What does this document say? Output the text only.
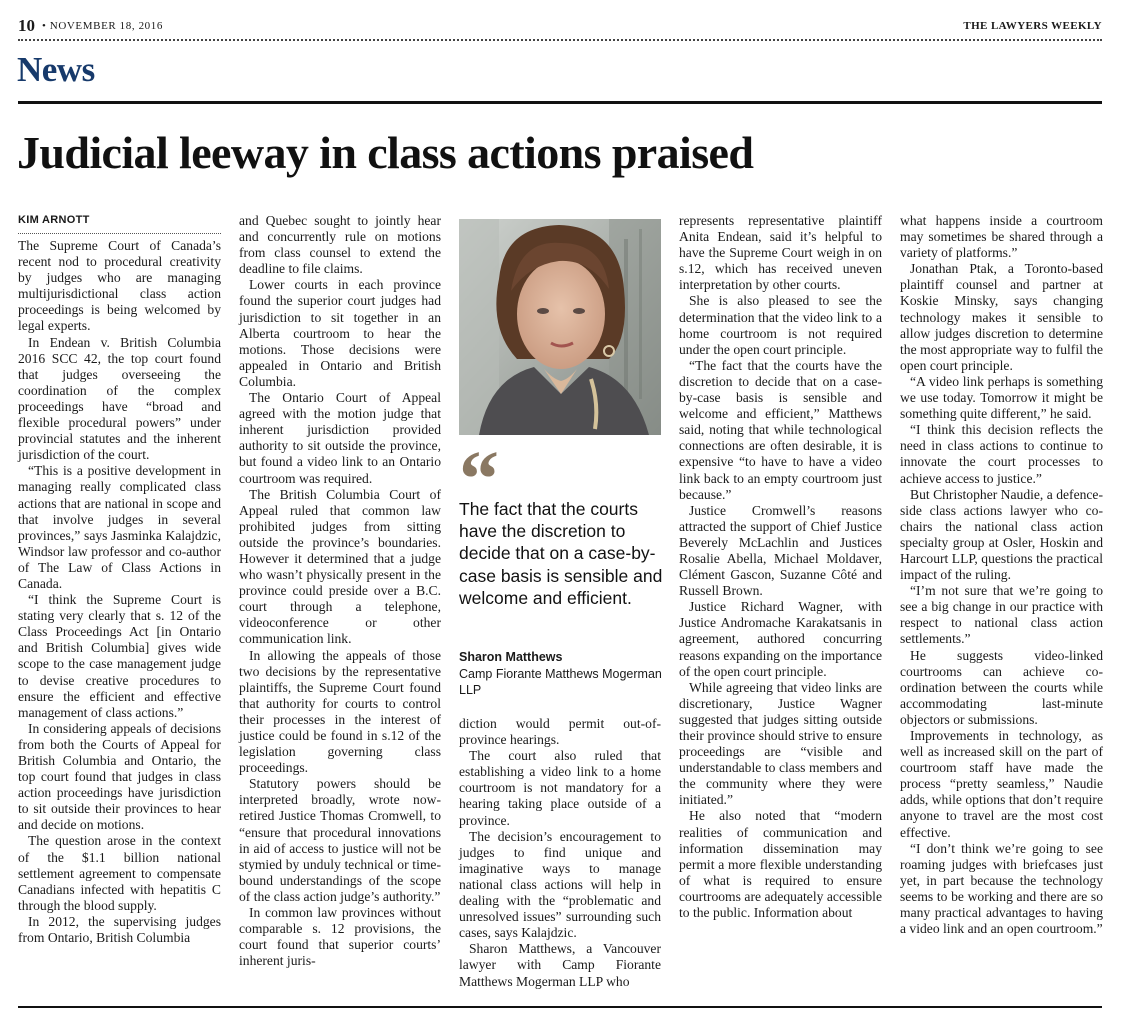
10 • NOVEMBER 18, 2016	THE LAWYERS WEEKLY
News
Judicial leeway in class actions praised
KIM ARNOTT

The Supreme Court of Canada’s recent nod to procedural creativity by judges who are managing multijurisdictional class action proceedings is being welcomed by legal experts.

In Endean v. British Columbia 2016 SCC 42, the top court found that judges overseeing the coordination of the complex proceedings have “broad and flexible procedural powers” under provincial statutes and the inherent jurisdiction of the court.

“This is a positive development in managing really complicated class actions that are national in scope and that involve judges in several provinces,” says Jasminka Kalajdzic, Windsor law professor and co-author of The Law of Class Actions in Canada.

“I think the Supreme Court is stating very clearly that s. 12 of the Class Proceedings Act [in Ontario and British Columbia] gives wide scope to the case management judge to devise creative procedures to ensure the efficient and effective management of class actions.”

In considering appeals of decisions from both the Courts of Appeal for British Columbia and Ontario, the top court found that judges in class action proceedings have jurisdiction to sit outside their provinces to hear and decide on motions.

The question arose in the context of the $1.1 billion national settlement agreement to compensate Canadians infected with hepatitis C through the blood supply.

In 2012, the supervising judges from Ontario, British Columbia

and Quebec sought to jointly hear and concurrently rule on motions from class counsel to extend the deadline to file claims.

Lower courts in each province found the superior court judges had jurisdiction to sit together in an Alberta courtroom to hear the motions. Those decisions were appealed in Ontario and British Columbia.

The Ontario Court of Appeal agreed with the motion judge that inherent jurisdiction provided authority to sit outside the province, but found a video link to an Ontario courtroom was required.

The British Columbia Court of Appeal ruled that common law prohibited judges from sitting outside the province’s boundaries. However it determined that a judge who wasn’t physically present in the province could preside over a B.C. court through a telephone, videoconference or other communication link.

In allowing the appeals of those two decisions by the representative plaintiffs, the Supreme Court found that authority for courts to control their processes in the interest of justice could be found in s.12 of the legislation governing class proceedings.

Statutory powers should be interpreted broadly, wrote now-retired Justice Thomas Cromwell, to “ensure that procedural innovations in aid of access to justice will not be stymied by unduly technical or time-bound understandings of the scope of the class action judge’s authority.”

In common law provinces without comparable s. 12 provisions, the court found that superior courts’ inherent juris-

“
The fact that the courts have the discretion to decide that on a case-by-case basis is sensible and welcome and efficient.
Sharon Matthews
Camp Fiorante Matthews Mogerman LLP

diction would permit out-of-province hearings.

The court also ruled that establishing a video link to a home courtroom is not mandatory for a hearing taking place outside of a province.

The decision’s encouragement to judges to find unique and imaginative ways to manage national class actions will help in dealing with the “problematic and unresolved issues” surrounding such cases, says Kalajdzic.

Sharon Matthews, a Vancouver lawyer with Camp Fiorante Matthews Mogerman LLP who

represents representative plaintiff Anita Endean, said it’s helpful to have the Supreme Court weigh in on s.12, which has received uneven interpretation by other courts.

She is also pleased to see the determination that the video link to a home courtroom is not required under the open court principle.

“The fact that the courts have the discretion to decide that on a case-by-case basis is sensible and welcome and efficient,” Matthews said, noting that while technological connections are often desirable, it is expensive “to have to have a video link back to an empty courtroom just because.”

Justice Cromwell’s reasons attracted the support of Chief Justice Beverely McLachlin and Justices Rosalie Abella, Michael Moldaver, Clément Gascon, Suzanne Côté and Russell Brown.

Justice Richard Wagner, with Justice Andromache Karakatsanis in agreement, authored concurring reasons expanding on the importance of the open court principle.

While agreeing that video links are discretionary, Justice Wagner suggested that judges sitting outside their province should strive to ensure proceedings are “visible and understandable to class members and the community where they were initiated.”

He also noted that “modern realities of communication and information dissemination may permit a more flexible understanding of what is required to ensure courtrooms are adequately accessible to the public. Information about

what happens inside a courtroom may sometimes be shared through a variety of platforms.”

Jonathan Ptak, a Toronto-based plaintiff counsel and partner at Koskie Minsky, says changing technology makes it sensible to allow judges discretion to determine the most appropriate way to fulfil the open court principle.

“A video link perhaps is something we use today. Tomorrow it might be something quite different,” he said.

“I think this decision reflects the need in class actions to continue to innovate the court processes to achieve access to justice.”

But Christopher Naudie, a defence-side class actions lawyer who co-chairs the national class action specialty group at Osler, Hoskin and Harcourt LLP, questions the practical impact of the ruling.

“I’m not sure that we’re going to see a big change in our practice with respect to national class action settlements.”

He suggests video-linked courtrooms can achieve co-ordination between the courts while accommodating last-minute objectors or submissions.

Improvements in technology, as well as increased skill on the part of courtroom staff have made the process “pretty seamless,” Naudie adds, while options that don’t require anyone to travel are the most cost effective.

“I don’t think we’re going to see roaming judges with briefcases just yet, in part because the technology seems to be working and there are so many practical advantages to having a video link and an open courtroom.”
